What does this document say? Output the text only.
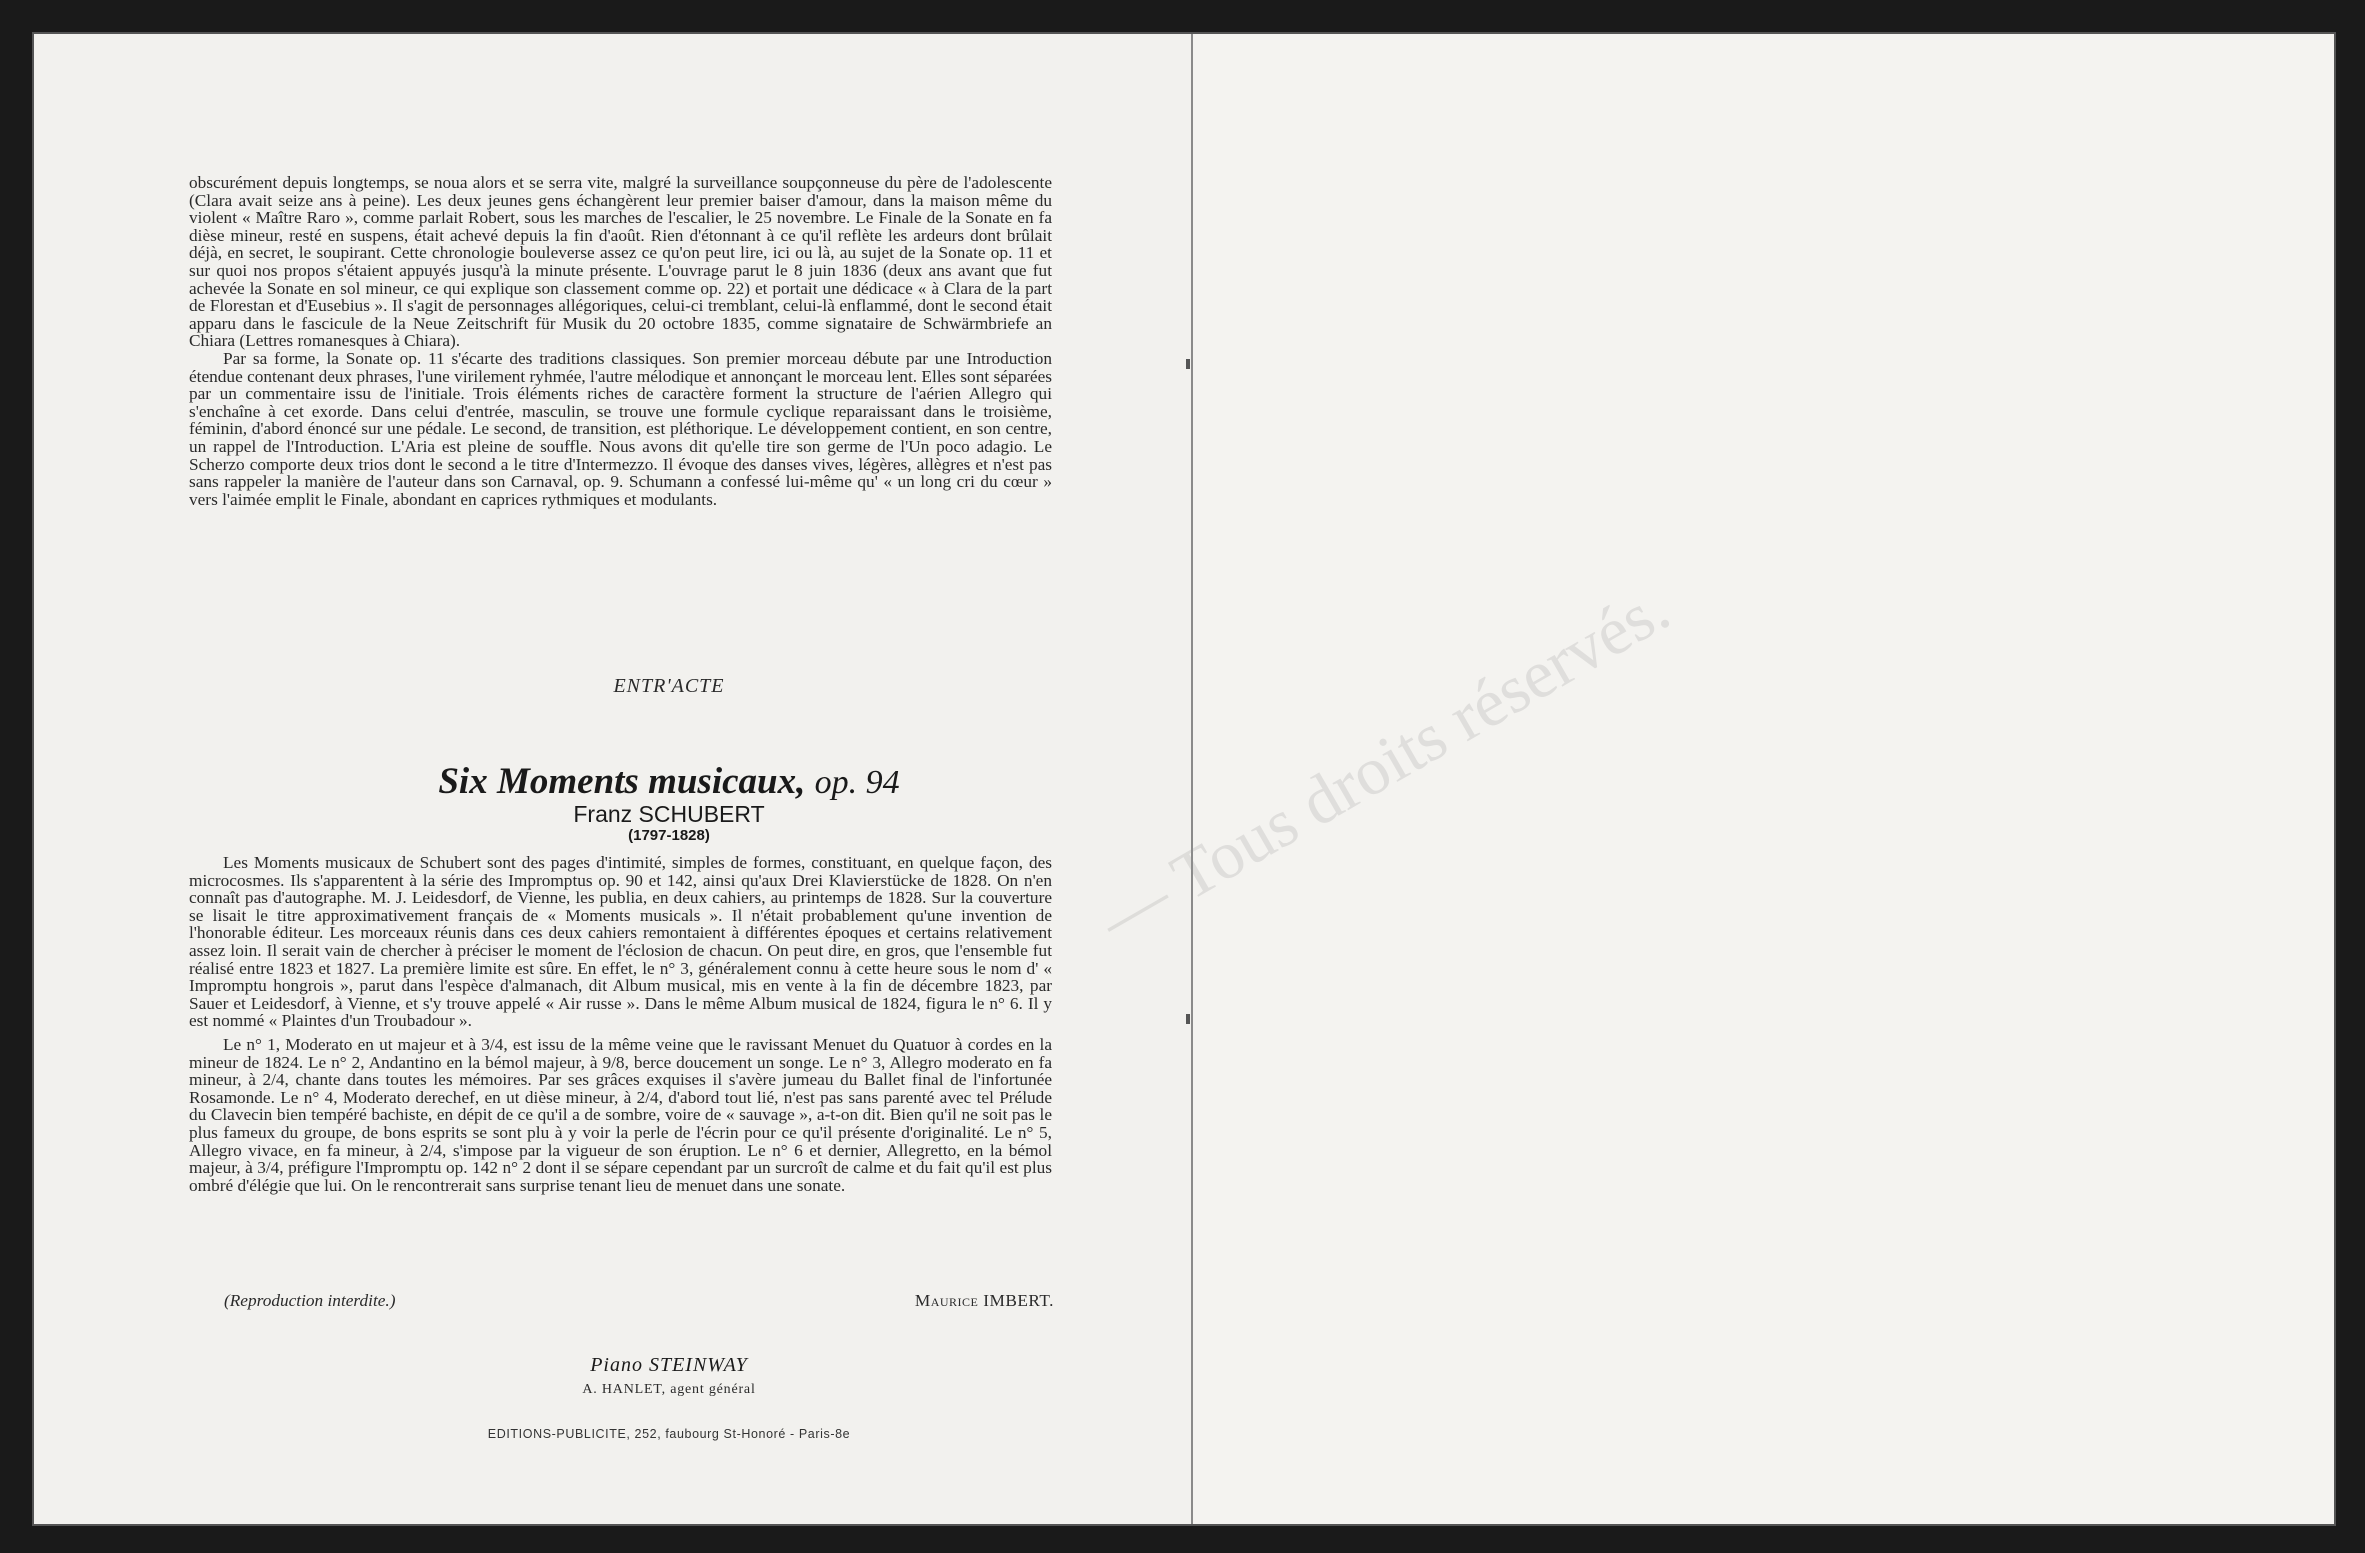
obscurément depuis longtemps, se noua alors et se serra vite, malgré la surveillance soupçonneuse du père de l'adolescente (Clara avait seize ans à peine). Les deux jeunes gens échangèrent leur premier baiser d'amour, dans la maison même du violent « Maître Raro », comme parlait Robert, sous les marches de l'escalier, le 25 novembre. Le Finale de la Sonate en fa dièse mineur, resté en suspens, était achevé depuis la fin d'août. Rien d'étonnant à ce qu'il reflète les ardeurs dont brûlait déjà, en secret, le soupirant. Cette chronologie bouleverse assez ce qu'on peut lire, ici ou là, au sujet de la Sonate op. 11 et sur quoi nos propos s'étaient appuyés jusqu'à la minute présente. L'ouvrage parut le 8 juin 1836 (deux ans avant que fut achevée la Sonate en sol mineur, ce qui explique son classement comme op. 22) et portait une dédicace « à Clara de la part de Florestan et d'Eusebius ». Il s'agit de personnages allégoriques, celui-ci tremblant, celui-là enflammé, dont le second était apparu dans le fascicule de la Neue Zeitschrift für Musik du 20 octobre 1835, comme signataire de Schwärmbriefe an Chiara (Lettres romanesques à Chiara).

Par sa forme, la Sonate op. 11 s'écarte des traditions classiques. Son premier morceau débute par une Introduction étendue contenant deux phrases, l'une virilement ryhmée, l'autre mélodique et annonçant le morceau lent. Elles sont séparées par un commentaire issu de l'initiale. Trois éléments riches de caractère forment la structure de l'aérien Allegro qui s'enchaîne à cet exorde. Dans celui d'entrée, masculin, se trouve une formule cyclique reparaissant dans le troisième, féminin, d'abord énoncé sur une pédale. Le second, de transition, est pléthorique. Le développement contient, en son centre, un rappel de l'Introduction. L'Aria est pleine de souffle. Nous avons dit qu'elle tire son germe de l'Un poco adagio. Le Scherzo comporte deux trios dont le second a le titre d'Intermezzo. Il évoque des danses vives, légères, allègres et n'est pas sans rappeler la manière de l'auteur dans son Carnaval, op. 9. Schumann a confessé lui-même qu' « un long cri du cœur » vers l'aimée emplit le Finale, abondant en caprices rythmiques et modulants.

ENTR'ACTE
Six Moments musicaux, op. 94
Franz SCHUBERT
(1797-1828)

Les Moments musicaux de Schubert sont des pages d'intimité, simples de formes, constituant, en quelque façon, des microcosmes. Ils s'apparentent à la série des Impromptus op. 90 et 142, ainsi qu'aux Drei Klavierstücke de 1828. On n'en connaît pas d'autographe. M. J. Leidesdorf, de Vienne, les publia, en deux cahiers, au printemps de 1828. Sur la couverture se lisait le titre approximativement français de « Moments musicals ». Il n'était probablement qu'une invention de l'honorable éditeur. Les morceaux réunis dans ces deux cahiers remontaient à différentes époques et certains relativement assez loin. Il serait vain de chercher à préciser le moment de l'éclosion de chacun. On peut dire, en gros, que l'ensemble fut réalisé entre 1823 et 1827. La première limite est sûre. En effet, le n° 3, généralement connu à cette heure sous le nom d' « Impromptu hongrois », parut dans l'espèce d'almanach, dit Album musical, mis en vente à la fin de décembre 1823, par Sauer et Leidesdorf, à Vienne, et s'y trouve appelé « Air russe ». Dans le même Album musical de 1824, figura le n° 6. Il y est nommé « Plaintes d'un Troubadour ».

Le n° 1, Moderato en ut majeur et à 3/4, est issu de la même veine que le ravissant Menuet du Quatuor à cordes en la mineur de 1824. Le n° 2, Andantino en la bémol majeur, à 9/8, berce doucement un songe. Le n° 3, Allegro moderato en fa mineur, à 2/4, chante dans toutes les mémoires. Par ses grâces exquises il s'avère jumeau du Ballet final de l'infortunée Rosamonde. Le n° 4, Moderato derechef, en ut dièse mineur, à 2/4, d'abord tout lié, n'est pas sans parenté avec tel Prélude du Clavecin bien tempéré bachiste, en dépit de ce qu'il a de sombre, voire de « sauvage », a-t-on dit. Bien qu'il ne soit pas le plus fameux du groupe, de bons esprits se sont plu à y voir la perle de l'écrin pour ce qu'il présente d'originalité. Le n° 5, Allegro vivace, en fa mineur, à 2/4, s'impose par la vigueur de son éruption. Le n° 6 et dernier, Allegretto, en la bémol majeur, à 3/4, préfigure l'Impromptu op. 142 n° 2 dont il se sépare cependant par un surcroît de calme et du fait qu'il est plus ombré d'élégie que lui. On le rencontrerait sans surprise tenant lieu de menuet dans une sonate.

(Reproduction interdite.)	Maurice IMBERT.
Piano STEINWAY
A. HANLET, agent général
EDITIONS-PUBLICITE, 252, faubourg St-Honoré - Paris-8e
— Tous droits réservés.
